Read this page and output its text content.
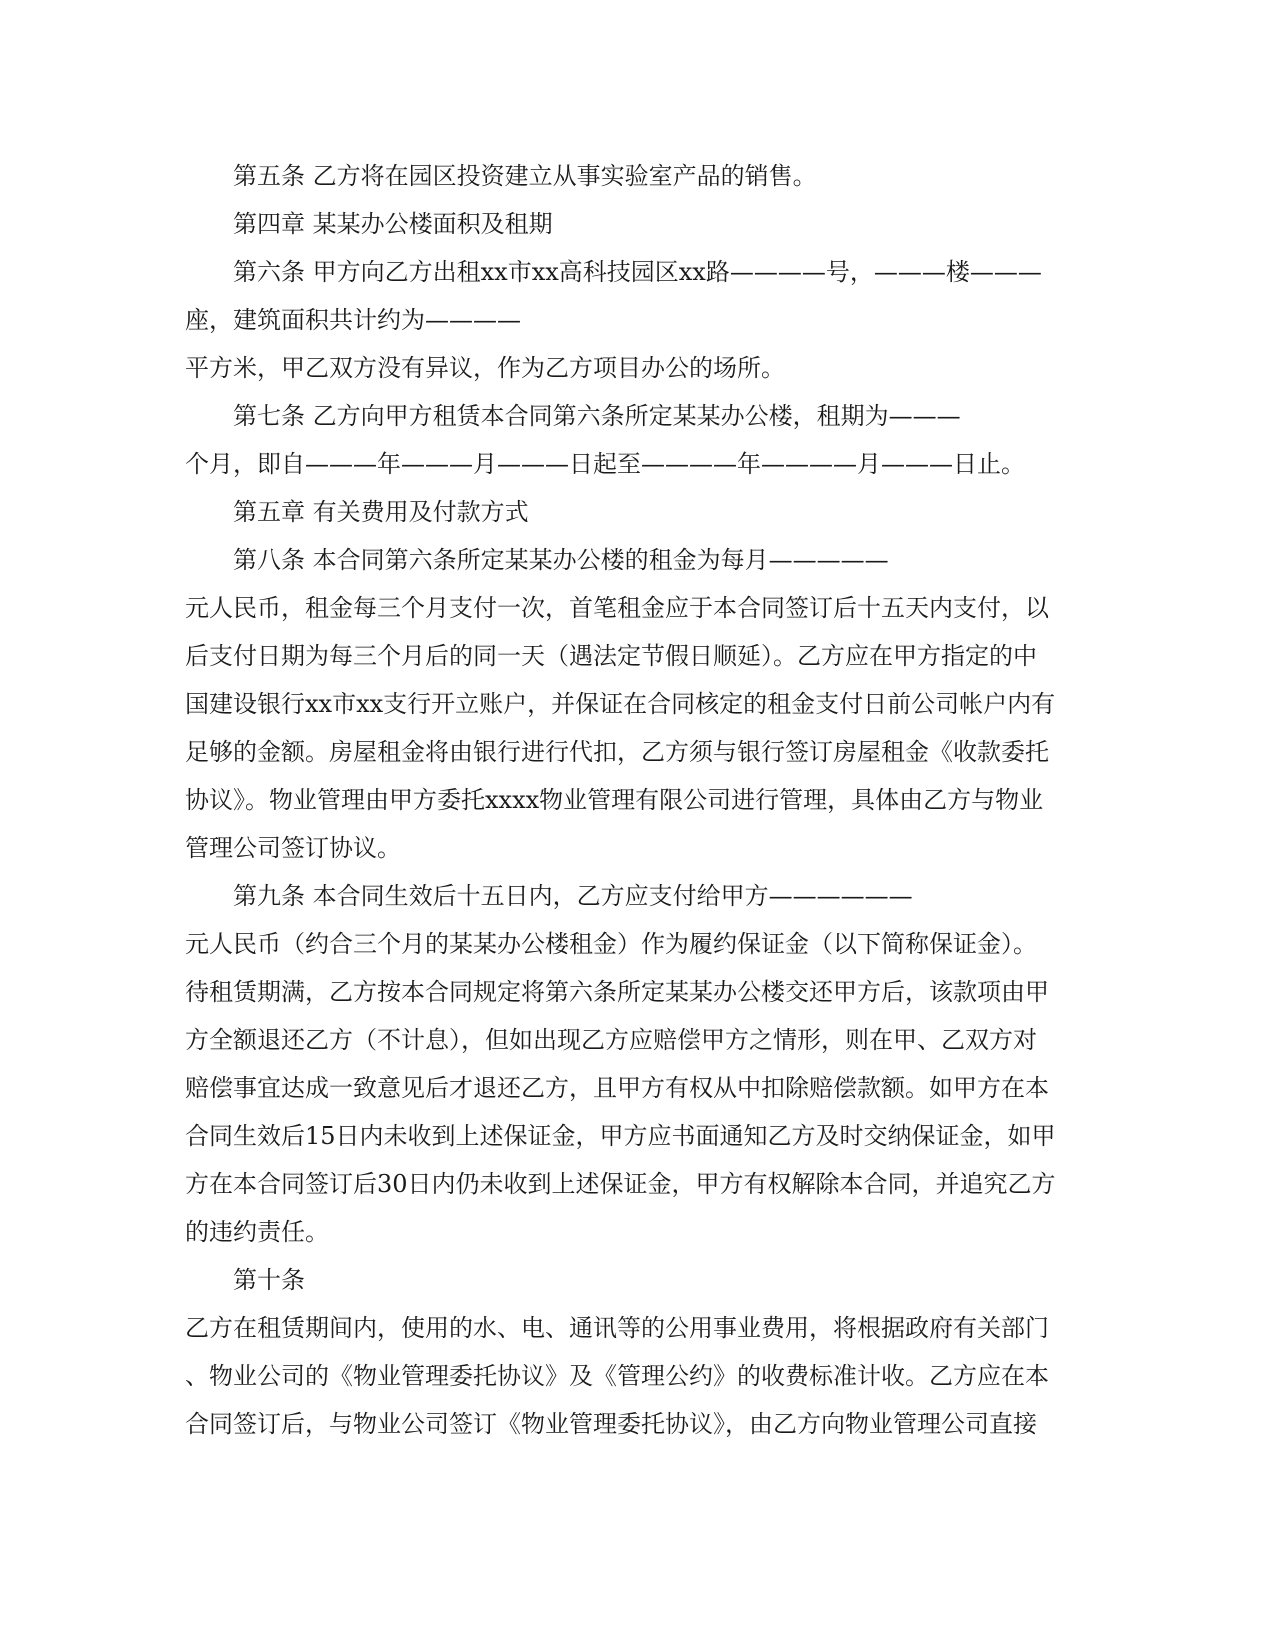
第五条 乙方将在园区投资建立从事实验室产品的销售。
第四章 某某办公楼面积及租期
第六条 甲方向乙方出租xx市xx高科技园区xx路————号，———楼———
座，建筑面积共计约为————
平方米，甲乙双方没有异议，作为乙方项目办公的场所。
第七条 乙方向甲方租赁本合同第六条所定某某办公楼，租期为———
个月，即自———年———月———日起至————年————月———日止。
第五章 有关费用及付款方式
第八条 本合同第六条所定某某办公楼的租金为每月—————
元人民币，租金每三个月支付一次，首笔租金应于本合同签订后十五天内支付，以
后支付日期为每三个月后的同一天（遇法定节假日顺延）。乙方应在甲方指定的中
国建设银行xx市xx支行开立账户，并保证在合同核定的租金支付日前公司帐户内有
足够的金额。房屋租金将由银行进行代扣，乙方须与银行签订房屋租金《收款委托
协议》。物业管理由甲方委托xxxx物业管理有限公司进行管理，具体由乙方与物业
管理公司签订协议。
第九条 本合同生效后十五日内，乙方应支付给甲方——————
元人民币（约合三个月的某某办公楼租金）作为履约保证金（以下简称保证金）。
待租赁期满，乙方按本合同规定将第六条所定某某办公楼交还甲方后，该款项由甲
方全额退还乙方（不计息），但如出现乙方应赔偿甲方之情形，则在甲、乙双方对
赔偿事宜达成一致意见后才退还乙方，且甲方有权从中扣除赔偿款额。如甲方在本
合同生效后15日内未收到上述保证金，甲方应书面通知乙方及时交纳保证金，如甲
方在本合同签订后30日内仍未收到上述保证金，甲方有权解除本合同，并追究乙方
的违约责任。
第十条
乙方在租赁期间内，使用的水、电、通讯等的公用事业费用，将根据政府有关部门
、物业公司的《物业管理委托协议》及《管理公约》的收费标准计收。乙方应在本
合同签订后，与物业公司签订《物业管理委托协议》，由乙方向物业管理公司直接
